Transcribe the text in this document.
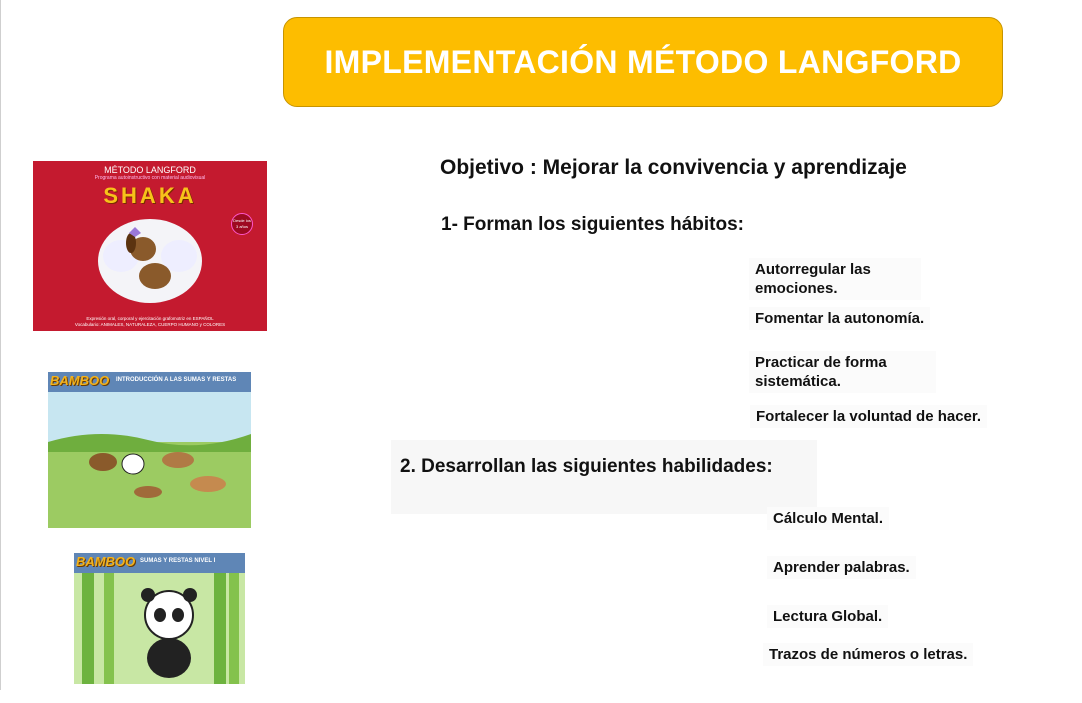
IMPLEMENTACIÓN MÉTODO LANGFORD
MÉTODO LANGFORD
Programa autoinstructivo con material audiovisual
SHAKA
Desde los 3 años
Expresión oral, corporal y ejercitación grafomotriz en ESPAÑOL
Vocabulario: ANIMALES, NATURALEZA, CUERPO HUMANO y COLORES
BAMBOO INTRODUCCIÓN A LAS SUMAS Y RESTAS
BAMBOO SUMAS Y RESTAS NIVEL I
Objetivo : Mejorar la convivencia y aprendizaje
1- Forman los siguientes hábitos:
Autorregular las emociones.
Fomentar la autonomía.
Practicar de forma sistemática.
Fortalecer la voluntad de hacer.
2. Desarrollan las siguientes habilidades:
Cálculo Mental.
Aprender palabras.
Lectura Global.
Trazos de números o letras.
